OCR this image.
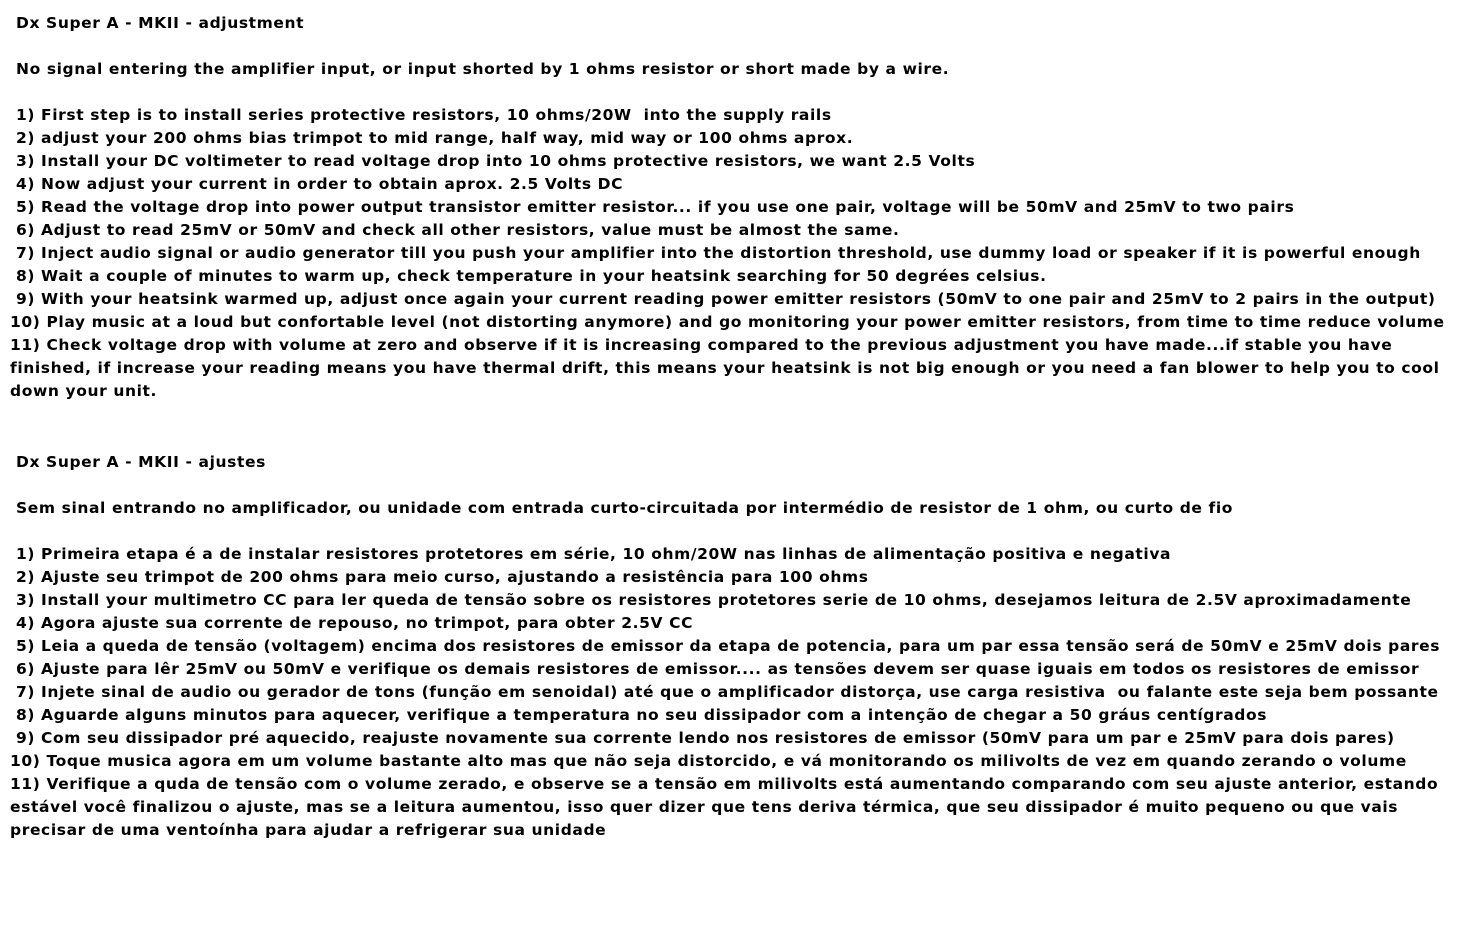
Dx Super A - MKII - adjustment
No signal entering the amplifier input, or input shorted by 1 ohms resistor or short made by a wire.
1) First step is to install series protective resistors, 10 ohms/20W  into the supply rails
2) adjust your 200 ohms bias trimpot to mid range, half way, mid way or 100 ohms aprox.
3) Install your DC voltimeter to read voltage drop into 10 ohms protective resistors, we want 2.5 Volts
4) Now adjust your current in order to obtain aprox. 2.5 Volts DC
5) Read the voltage drop into power output transistor emitter resistor... if you use one pair, voltage will be 50mV and 25mV to two pairs
6) Adjust to read 25mV or 50mV and check all other resistors, value must be almost the same.
7) Inject audio signal or audio generator till you push your amplifier into the distortion threshold, use dummy load or speaker if it is powerful enough
8) Wait a couple of minutes to warm up, check temperature in your heatsink searching for 50 degrées celsius.
9) With your heatsink warmed up, adjust once again your current reading power emitter resistors (50mV to one pair and 25mV to 2 pairs in the output)
10) Play music at a loud but confortable level (not distorting anymore) and go monitoring your power emitter resistors, from time to time reduce volume
11) Check voltage drop with volume at zero and observe if it is increasing compared to the previous adjustment you have made...if stable you have
finished, if increase your reading means you have thermal drift, this means your heatsink is not big enough or you need a fan blower to help you to cool
down your unit.
Dx Super A - MKII - ajustes
Sem sinal entrando no amplificador, ou unidade com entrada curto-circuitada por intermédio de resistor de 1 ohm, ou curto de fio
1) Primeira etapa é a de instalar resistores protetores em série, 10 ohm/20W nas linhas de alimentação positiva e negativa
2) Ajuste seu trimpot de 200 ohms para meio curso, ajustando a resistência para 100 ohms
3) Install your multimetro CC para ler queda de tensão sobre os resistores protetores serie de 10 ohms, desejamos leitura de 2.5V aproximadamente
4) Agora ajuste sua corrente de repouso, no trimpot, para obter 2.5V CC
5) Leia a queda de tensão (voltagem) encima dos resistores de emissor da etapa de potencia, para um par essa tensão será de 50mV e 25mV dois pares
6) Ajuste para lêr 25mV ou 50mV e verifique os demais resistores de emissor.... as tensões devem ser quase iguais em todos os resistores de emissor
7) Injete sinal de audio ou gerador de tons (função em senoidal) até que o amplificador distorça, use carga resistiva  ou falante este seja bem possante
8) Aguarde alguns minutos para aquecer, verifique a temperatura no seu dissipador com a intenção de chegar a 50 gráus centígrados
9) Com seu dissipador pré aquecido, reajuste novamente sua corrente lendo nos resistores de emissor (50mV para um par e 25mV para dois pares)
10) Toque musica agora em um volume bastante alto mas que não seja distorcido, e vá monitorando os milivolts de vez em quando zerando o volume
11) Verifique a quda de tensão com o volume zerado, e observe se a tensão em milivolts está aumentando comparando com seu ajuste anterior, estando
estável você finalizou o ajuste, mas se a leitura aumentou, isso quer dizer que tens deriva térmica, que seu dissipador é muito pequeno ou que vais
precisar de uma ventoínha para ajudar a refrigerar sua unidade
